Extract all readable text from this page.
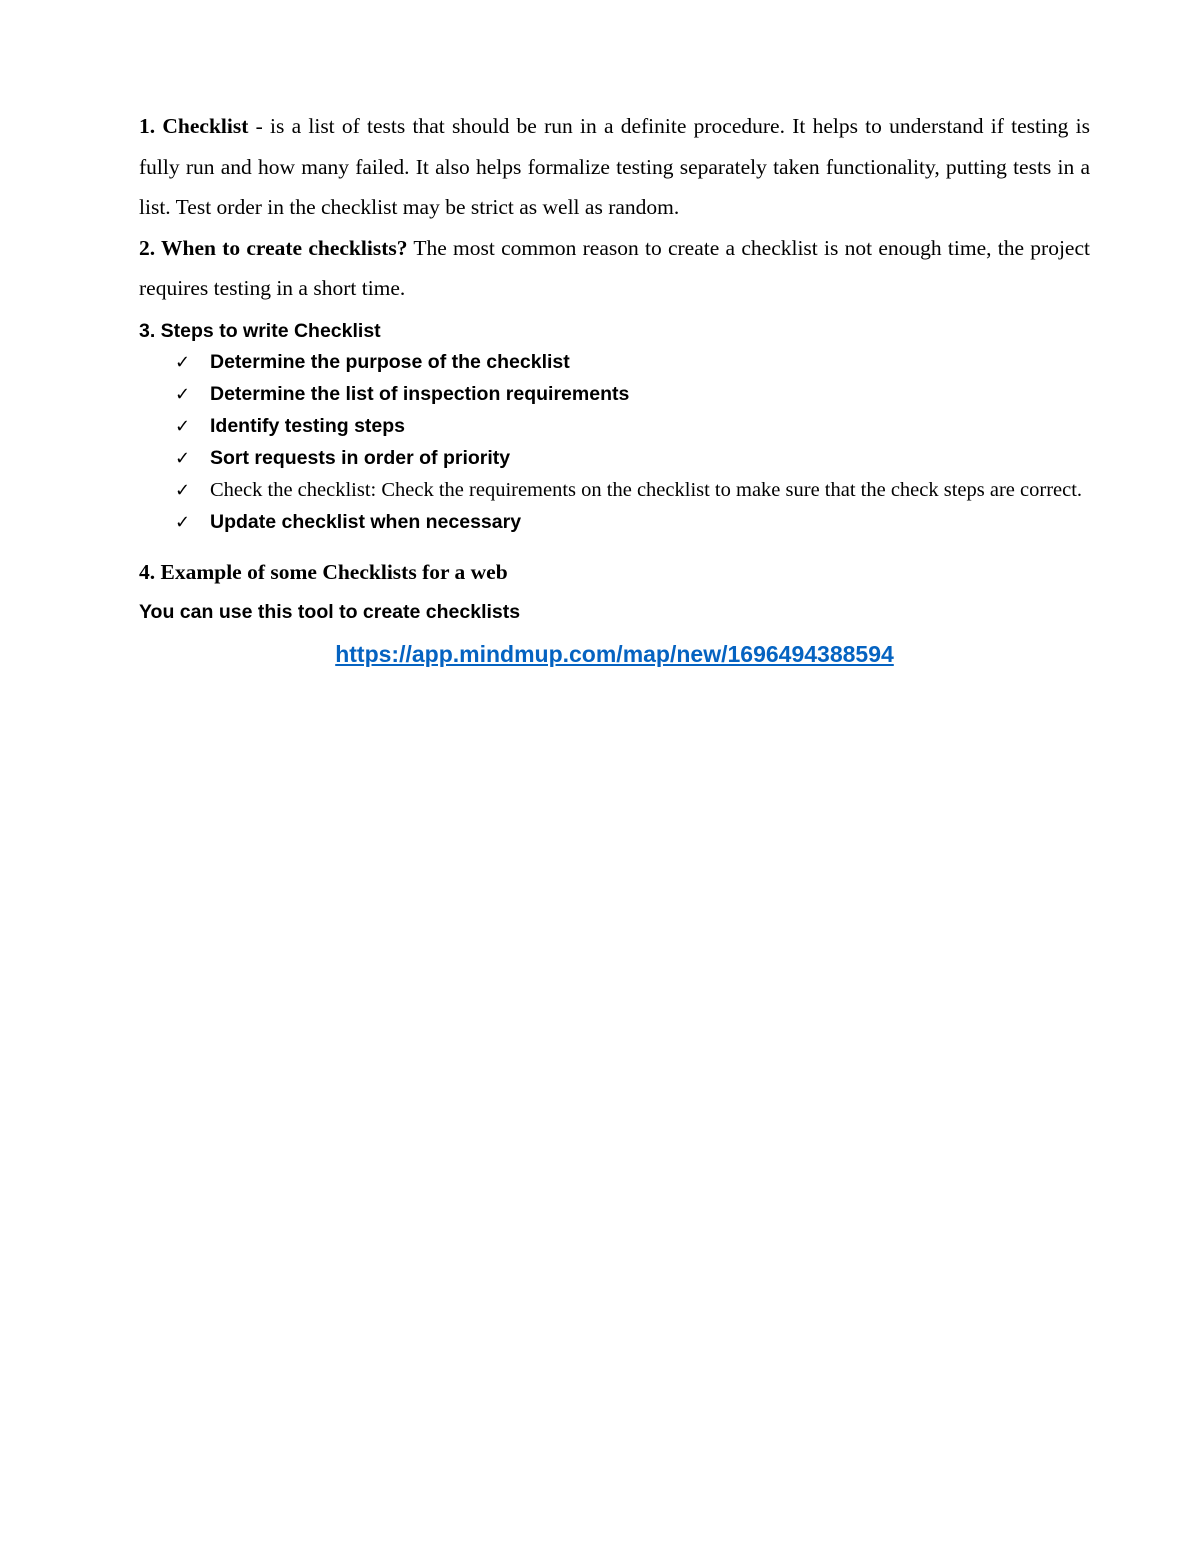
1. Checklist - is a list of tests that should be run in a definite procedure. It helps to understand if testing is fully run and how many failed. It also helps formalize testing separately taken functionality, putting tests in a list. Test order in the checklist may be strict as well as random.

2. When to create checklists? The most common reason to create a checklist is not enough time, the project requires testing in a short time.

3. Steps to write Checklist
✓ Determine the purpose of the checklist
✓ Determine the list of inspection requirements
✓ Identify testing steps
✓ Sort requests in order of priority
✓ Check the checklist: Check the requirements on the checklist to make sure that the check steps are correct.
✓ Update checklist when necessary
4. Example of some Checklists for a web
You can use this tool to create checklists
https://app.mindmup.com/map/new/1696494388594
